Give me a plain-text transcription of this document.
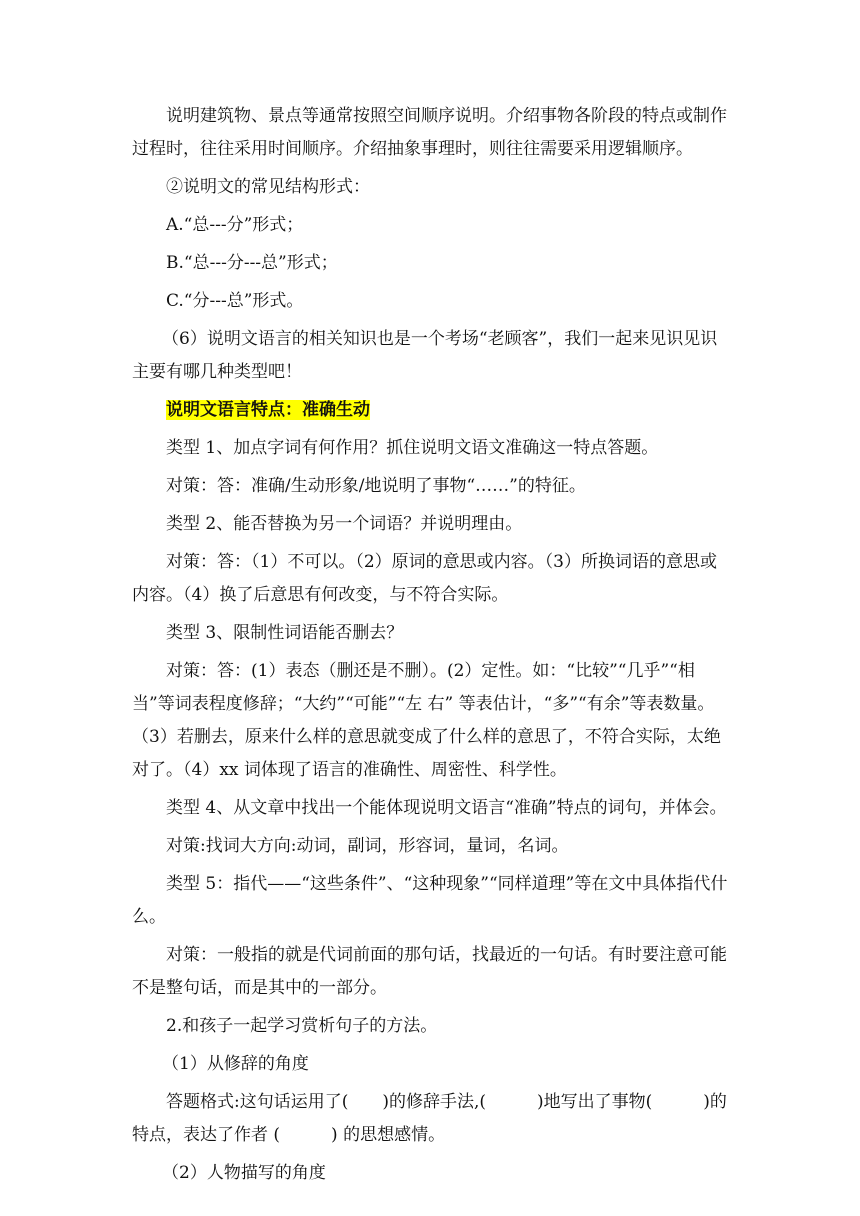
说明建筑物、景点等通常按照空间顺序说明。介绍事物各阶段的特点或制作过程时，往往采用时间顺序。介绍抽象事理时，则往往需要采用逻辑顺序。

②说明文的常见结构形式：

A.“总---分”形式；

B.“总---分---总”形式；

C.“分---总”形式。

（6）说明文语言的相关知识也是一个考场“老顾客”，我们一起来见识见识主要有哪几种类型吧！

说明文语言特点：准确生动

类型 1、加点字词有何作用？抓住说明文语文准确这一特点答题。

对策：答：准确/生动形象/地说明了事物“……”的特征。

类型 2、能否替换为另一个词语？并说明理由。

对策：答：（1）不可以。（2）原词的意思或内容。（3）所换词语的意思或内容。（4）换了后意思有何改变，与不符合实际。

类型 3、限制性词语能否删去？

对策：答：(1）表态（删还是不删）。(2）定性。如：“比较”“几乎”“相当”等词表程度修辞；“大约”“可能”“左 右” 等表估计，“多”“有余”等表数量。（3）若删去，原来什么样的意思就变成了什么样的意思了，不符合实际，太绝对了。（4）xx 词体现了语言的准确性、周密性、科学性。

类型 4、从文章中找出一个能体现说明文语言“准确”特点的词句，并体会。

对策:找词大方向:动词，副词，形容词，量词，名词。

类型 5：指代——“这些条件”、“这种现象”“同样道理”等在文中具体指代什么。

对策：一般指的就是代词前面的那句话，找最近的一句话。有时要注意可能不是整句话，而是其中的一部分。

2.和孩子一起学习赏析句子的方法。

（1）从修辞的角度

答题格式:这句话运用了(　　)的修辞手法,(　　　)地写出了事物(　　　)的特点，表达了作者 (　　　) 的思想感情。

（2）人物描写的角度
